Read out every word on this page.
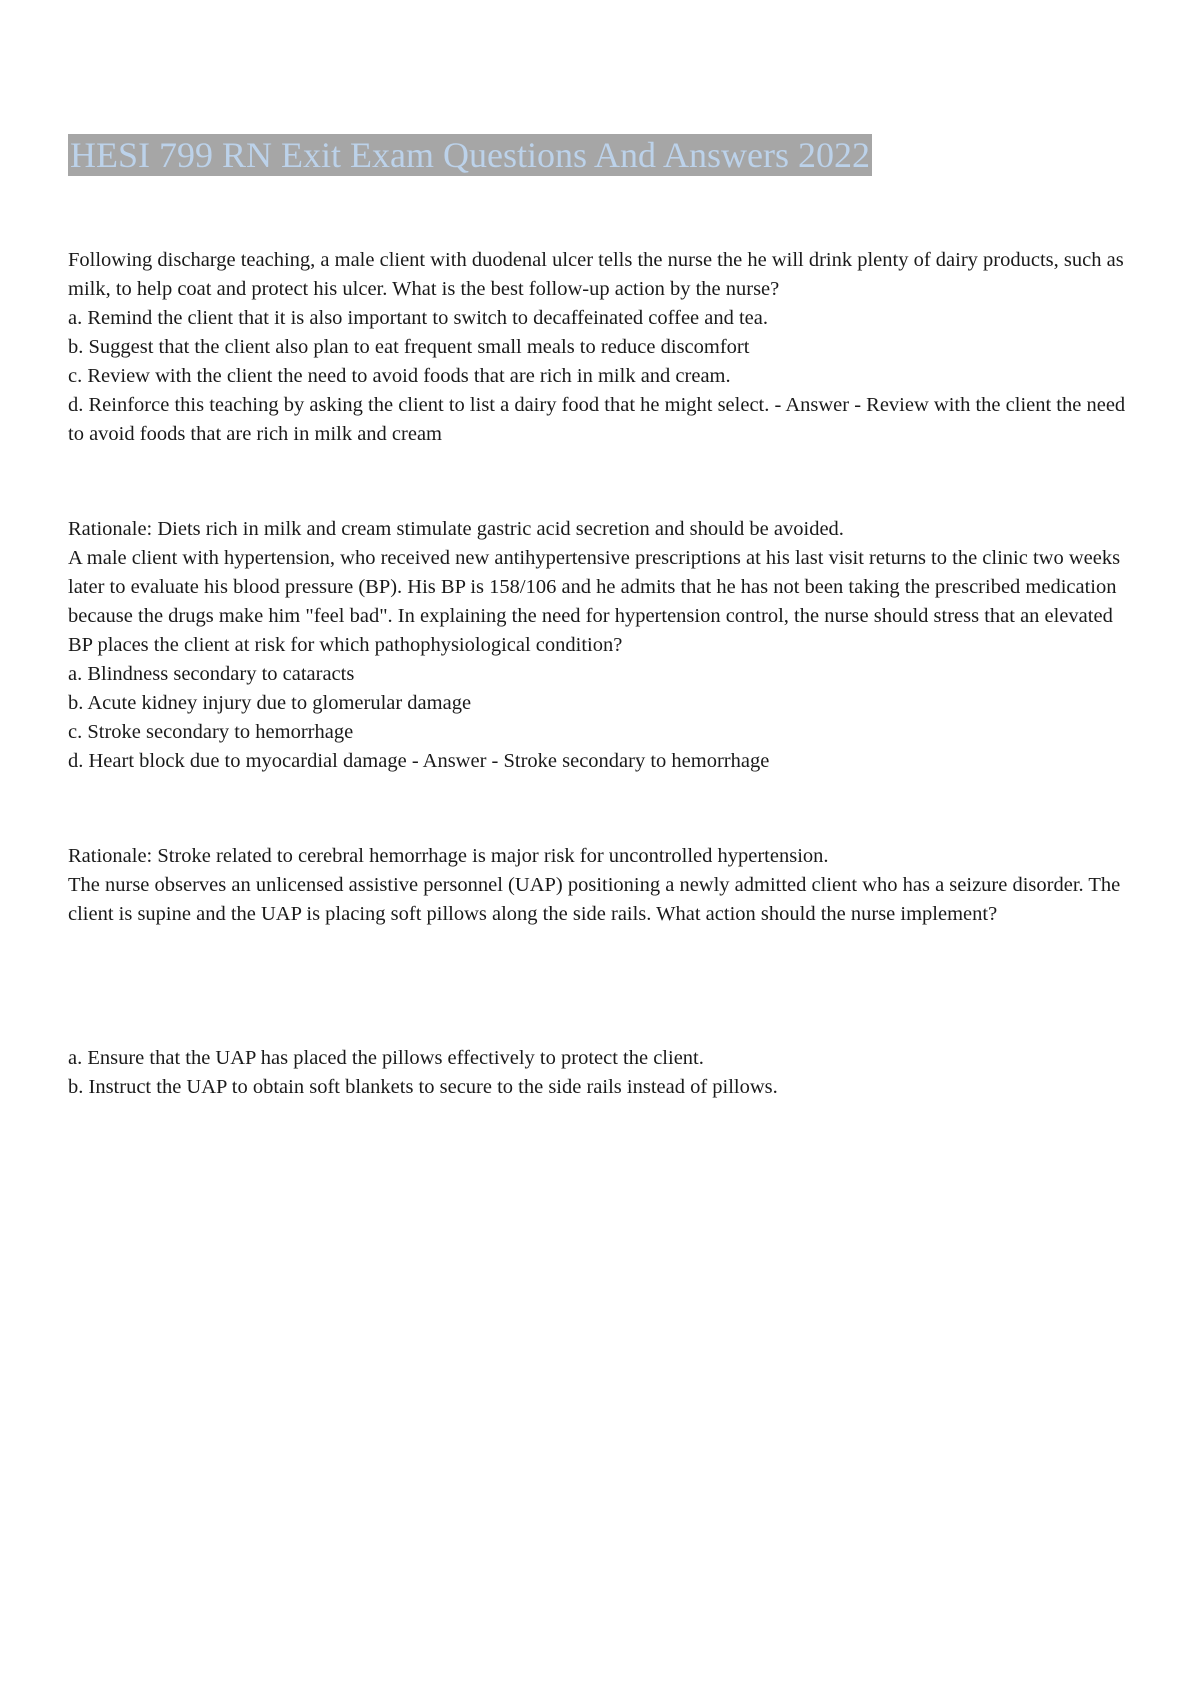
HESI 799 RN Exit Exam Questions And Answers 2022

Following discharge teaching, a male client with duodenal ulcer tells the nurse the he will drink plenty of dairy products, such as milk, to help coat and protect his ulcer. What is the best follow-up action by the nurse?

a. Remind the client that it is also important to switch to decaffeinated coffee and tea.

b. Suggest that the client also plan to eat frequent small meals to reduce discomfort

c. Review with the client the need to avoid foods that are rich in milk and cream.

d. Reinforce this teaching by asking the client to list a dairy food that he might select. - Answer - Review with the client the need to avoid foods that are rich in milk and cream

Rationale: Diets rich in milk and cream stimulate gastric acid secretion and should be avoided.

A male client with hypertension, who received new antihypertensive prescriptions at his last visit returns to the clinic two weeks later to evaluate his blood pressure (BP). His BP is 158/106 and he admits that he has not been taking the prescribed medication because the drugs make him "feel bad". In explaining the need for hypertension control, the nurse should stress that an elevated BP places the client at risk for which pathophysiological condition?

a. Blindness secondary to cataracts

b. Acute kidney injury due to glomerular damage

c. Stroke secondary to hemorrhage

d. Heart block due to myocardial damage - Answer - Stroke secondary to hemorrhage

Rationale: Stroke related to cerebral hemorrhage is major risk for uncontrolled hypertension.

The nurse observes an unlicensed assistive personnel (UAP) positioning a newly admitted client who has a seizure disorder. The client is supine and the UAP is placing soft pillows along the side rails. What action should the nurse implement?

a. Ensure that the UAP has placed the pillows effectively to protect the client.

b. Instruct the UAP to obtain soft blankets to secure to the side rails instead of pillows.
